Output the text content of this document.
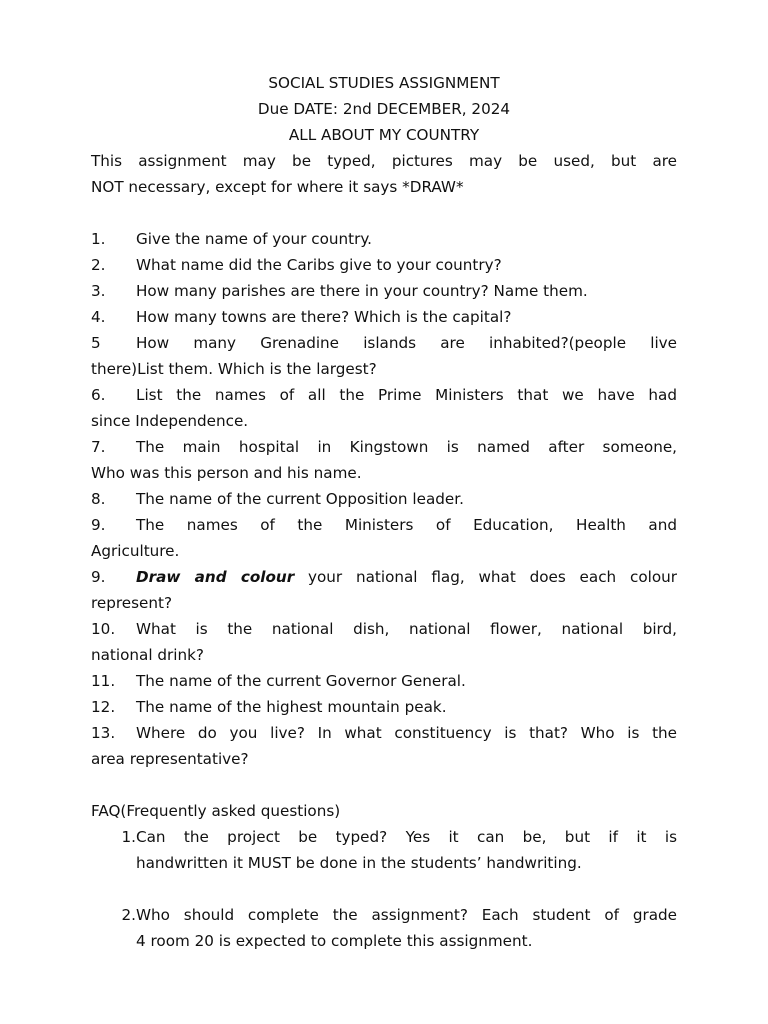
SOCIAL STUDIES ASSIGNMENT
Due DATE: 2nd DECEMBER, 2024
ALL ABOUT MY COUNTRY
This assignment may be typed, pictures may be used, but are
NOT necessary, except for where it says *DRAW*
1.	Give the name of your country.
2.	What name did the Caribs give to your country?
3.	How many parishes are there in your country? Name them.
4.	How many towns are there? Which is the capital?
5	How many Grenadine islands are inhabited?(people live
there)List them. Which is the largest?
6.	List the names of all the Prime Ministers that we have had
since Independence.
7.	The main hospital in Kingstown is named after someone,
Who was this person and his name.
8.	The name of the current Opposition leader.
9.	The names of the Ministers of Education, Health and
Agriculture.
9.	Draw and colour your national flag, what does each colour
represent?
10.	What is the national dish, national flower, national bird,
national drink?
11.	The name of the current Governor General.
12.	The name of the highest mountain peak.
13.	Where do you live? In what constituency is that? Who is the
area representative?
FAQ(Frequently asked questions)
1. Can the project be typed? Yes it can be, but if it is
handwritten it MUST be done in the students’ handwriting.
2. Who should complete the assignment? Each student of grade
4 room 20 is expected to complete this assignment.
